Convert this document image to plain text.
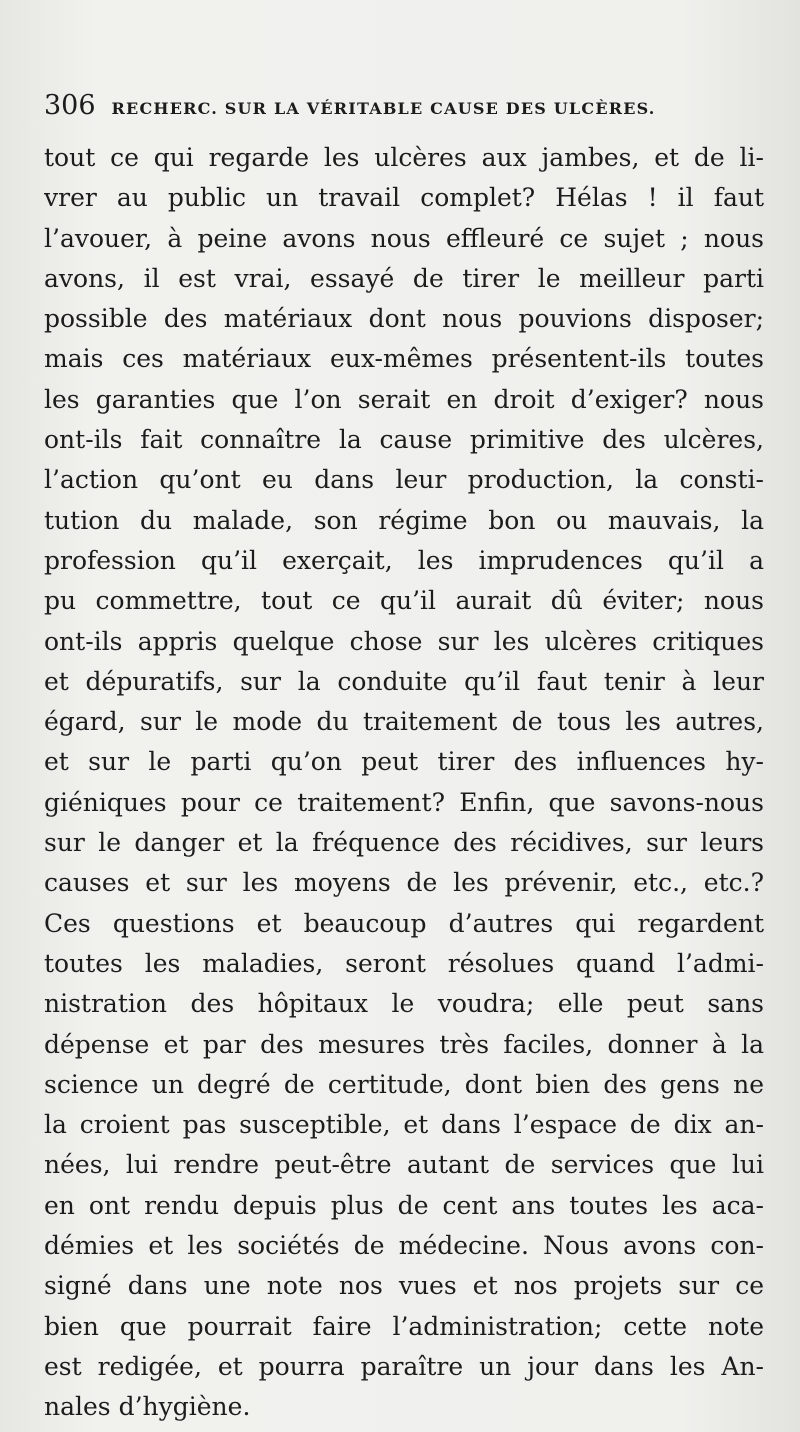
306 RECHERC. SUR LA VÉRITABLE CAUSE DES ULCÈRES.
tout ce qui regarde les ulcères aux jambes, et de li-
vrer au public un travail complet? Hélas ! il faut
l’avouer, à peine avons nous effleuré ce sujet ; nous
avons, il est vrai, essayé de tirer le meilleur parti
possible des matériaux dont nous pouvions disposer;
mais ces matériaux eux-mêmes présentent-ils toutes
les garanties que l’on serait en droit d’exiger? nous
ont-ils fait connaître la cause primitive des ulcères,
l’action qu’ont eu dans leur production, la consti-
tution du malade, son régime bon ou mauvais, la
profession qu’il exerçait, les imprudences qu’il a
pu commettre, tout ce qu’il aurait dû éviter; nous
ont-ils appris quelque chose sur les ulcères critiques
et dépuratifs, sur la conduite qu’il faut tenir à leur
égard, sur le mode du traitement de tous les autres,
et sur le parti qu’on peut tirer des influences hy-
giéniques pour ce traitement? Enfin, que savons-nous
sur le danger et la fréquence des récidives, sur leurs
causes et sur les moyens de les prévenir, etc., etc.?
Ces questions et beaucoup d’autres qui regardent
toutes les maladies, seront résolues quand l’admi-
nistration des hôpitaux le voudra; elle peut sans
dépense et par des mesures très faciles, donner à la
science un degré de certitude, dont bien des gens ne
la croient pas susceptible, et dans l’espace de dix an-
nées, lui rendre peut-être autant de services que lui
en ont rendu depuis plus de cent ans toutes les aca-
démies et les sociétés de médecine. Nous avons con-
signé dans une note nos vues et nos projets sur ce
bien que pourrait faire l’administration; cette note
est redigée, et pourra paraître un jour dans les An-
nales d’hygiène.
